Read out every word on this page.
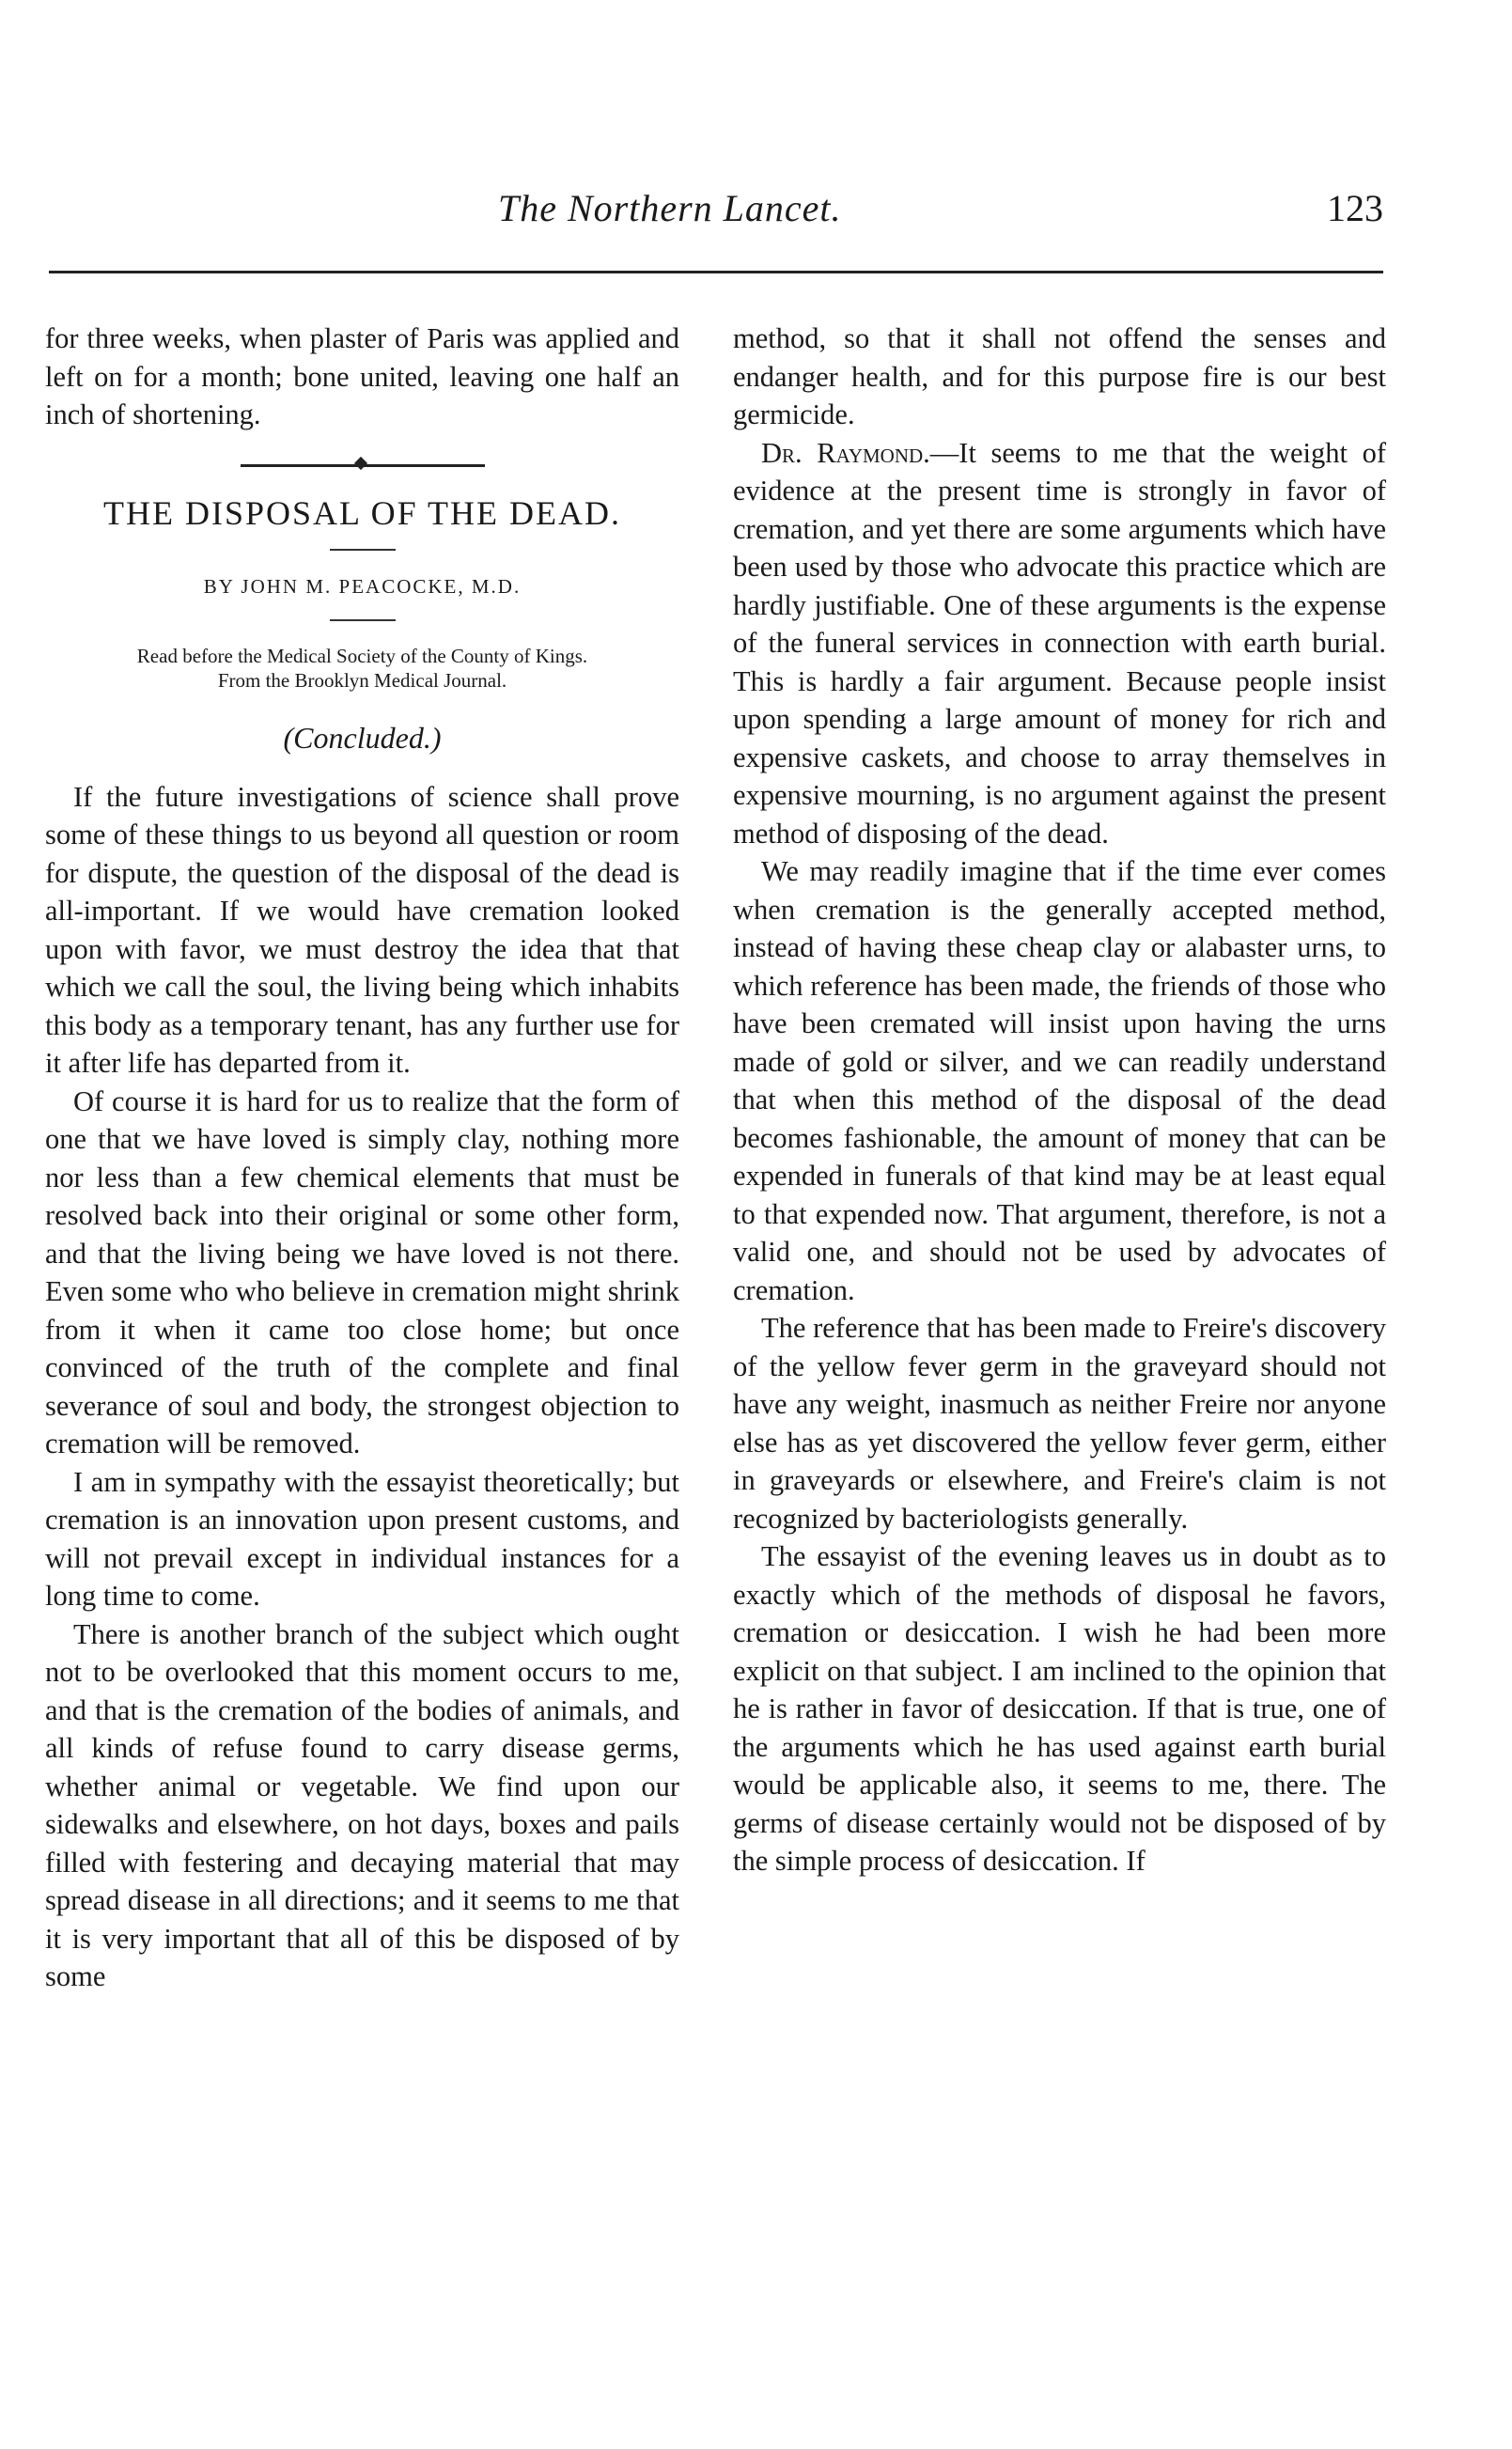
The Northern Lancet.	123

for three weeks, when plaster of Paris was applied and left on for a month; bone united, leaving one half an inch of shortening.

THE DISPOSAL OF THE DEAD.
BY JOHN M. PEACOCKE, M.D.
Read before the Medical Society of the County of Kings.
From the Brooklyn Medical Journal.
(Concluded.)

If the future investigations of science shall prove some of these things to us beyond all question or room for dispute, the question of the disposal of the dead is all-important. If we would have cremation looked upon with favor, we must destroy the idea that that which we call the soul, the living being which inhabits this body as a temporary tenant, has any further use for it after life has departed from it.

Of course it is hard for us to realize that the form of one that we have loved is simply clay, nothing more nor less than a few chemical elements that must be resolved back into their original or some other form, and that the living being we have loved is not there. Even some who who believe in cremation might shrink from it when it came too close home; but once convinced of the truth of the complete and final severance of soul and body, the strongest objection to cremation will be removed.

I am in sympathy with the essayist theoretically; but cremation is an innovation upon present customs, and will not prevail except in individual instances for a long time to come.

There is another branch of the subject which ought not to be overlooked that this moment occurs to me, and that is the cremation of the bodies of animals, and all kinds of refuse found to carry disease germs, whether animal or vegetable. We find upon our sidewalks and elsewhere, on hot days, boxes and pails filled with festering and decaying material that may spread disease in all directions; and it seems to me that it is very important that all of this be disposed of by some

method, so that it shall not offend the senses and endanger health, and for this purpose fire is our best germicide.

Dr. Raymond.—It seems to me that the weight of evidence at the present time is strongly in favor of cremation, and yet there are some arguments which have been used by those who advocate this practice which are hardly justifiable. One of these arguments is the expense of the funeral services in connection with earth burial. This is hardly a fair argument. Because people insist upon spending a large amount of money for rich and expensive caskets, and choose to array themselves in expensive mourning, is no argument against the present method of disposing of the dead.

We may readily imagine that if the time ever comes when cremation is the generally accepted method, instead of having these cheap clay or alabaster urns, to which reference has been made, the friends of those who have been cremated will insist upon having the urns made of gold or silver, and we can readily understand that when this method of the disposal of the dead becomes fashionable, the amount of money that can be expended in funerals of that kind may be at least equal to that expended now. That argument, therefore, is not a valid one, and should not be used by advocates of cremation.

The reference that has been made to Freire's discovery of the yellow fever germ in the graveyard should not have any weight, inasmuch as neither Freire nor anyone else has as yet discovered the yellow fever germ, either in graveyards or elsewhere, and Freire's claim is not recognized by bacteriologists generally.

The essayist of the evening leaves us in doubt as to exactly which of the methods of disposal he favors, cremation or desiccation. I wish he had been more explicit on that subject. I am inclined to the opinion that he is rather in favor of desiccation. If that is true, one of the arguments which he has used against earth burial would be applicable also, it seems to me, there. The germs of disease certainly would not be disposed of by the simple process of desiccation. If
